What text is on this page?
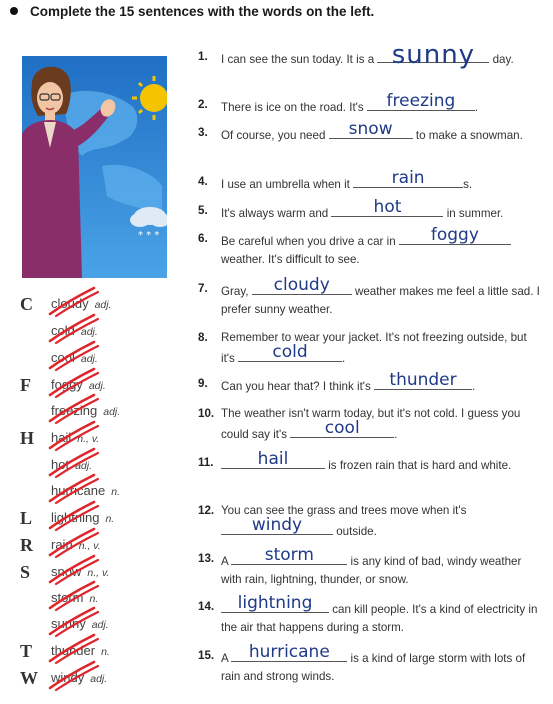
Complete the 15 sentences with the words on the left.
* * *
C cloudy adj.
cold adj.
cool adj.
F foggy adj.
freezing adj.
H hail n., v.
hot adj.
hurricane n.
L lightning n.
R rain n., v.
S snow n., v.
storm n.
sunny adj.
T thunder n.
W windy adj.
1. I can see the sun today. It is a sunny	day.
2. There is ice on the road. It's	freezing	.
3. Of course, you need	snow	to make a snowman.
4. I use an umbrella when it	rain	s.
5. It's always warm and	hot	in summer.
6. Be careful when you drive a car in	foggy
weather. It's difficult to see.
7. Gray,	cloudy	weather makes me feel a little sad. I prefer sunny weather.
8. Remember to wear your jacket. It's not freezing outside, but it's	cold	.
9. Can you hear that? I think it's thunder	.
10. The weather isn't warm today, but it's not cold. I guess you could say it's	cool	.
11.	hail	is frozen rain that is hard and white.
12. You can see the grass and trees move when it's
windy	outside.
13. A	storm	is any kind of bad, windy weather with rain, lightning, thunder, or snow.
14.	lightning	can kill people. It's a kind of electricity in the air that happens during a storm.
15. A	hurricane	is a kind of large storm with lots of rain and strong winds.
